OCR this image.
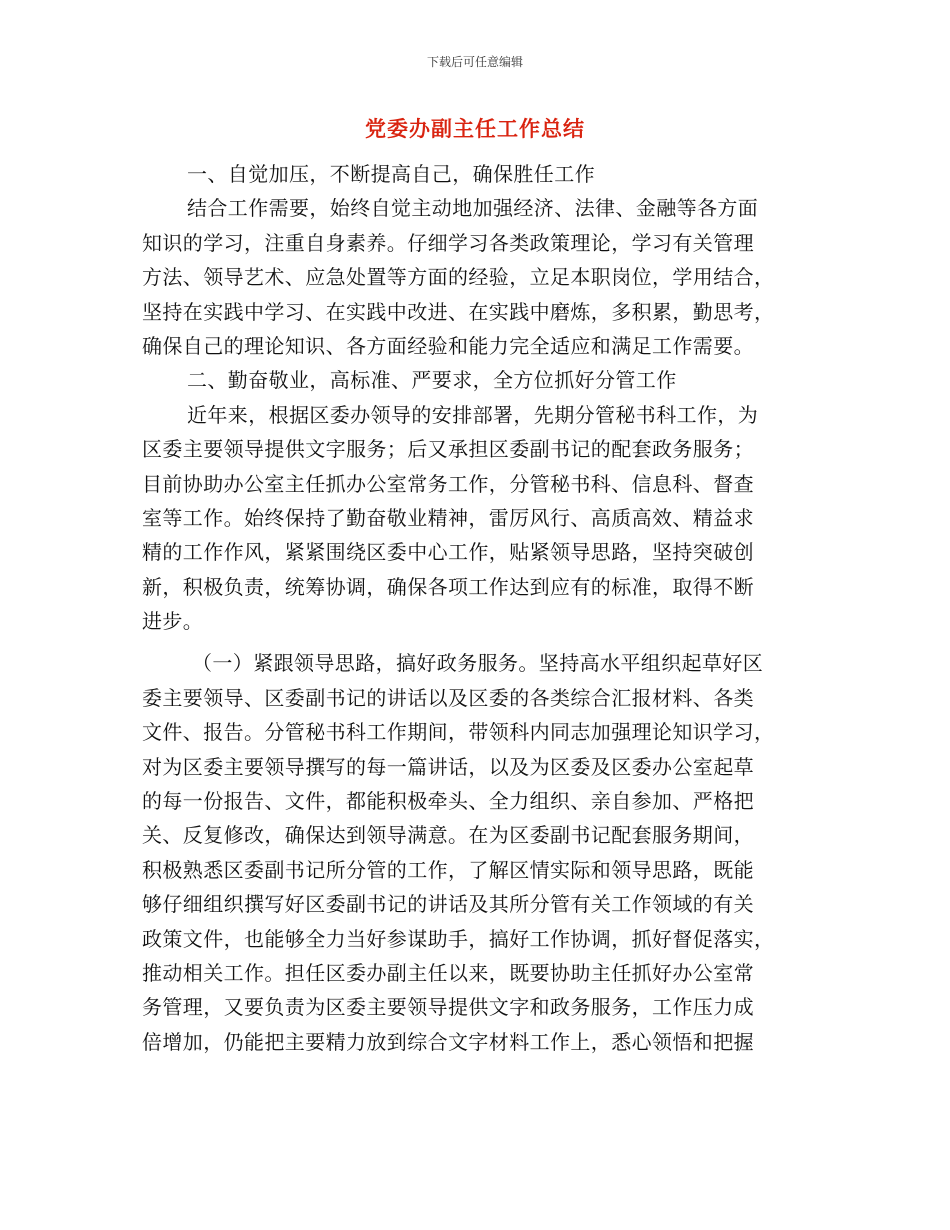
下载后可任意编辑
党委办副主任工作总结
一、自觉加压，不断提高自己，确保胜任工作
结合工作需要，始终自觉主动地加强经济、法律、金融等各方面
知识的学习，注重自身素养。仔细学习各类政策理论，学习有关管理
方法、领导艺术、应急处置等方面的经验，立足本职岗位，学用结合，
坚持在实践中学习、在实践中改进、在实践中磨炼，多积累，勤思考，
确保自己的理论知识、各方面经验和能力完全适应和满足工作需要。
二、勤奋敬业，高标准、严要求，全方位抓好分管工作
近年来，根据区委办领导的安排部署，先期分管秘书科工作，为
区委主要领导提供文字服务；后又承担区委副书记的配套政务服务；
目前协助办公室主任抓办公室常务工作，分管秘书科、信息科、督查
室等工作。始终保持了勤奋敬业精神，雷厉风行、高质高效、精益求
精的工作作风，紧紧围绕区委中心工作，贴紧领导思路，坚持突破创
新，积极负责，统筹协调，确保各项工作达到应有的标准，取得不断
进步。
（一）紧跟领导思路，搞好政务服务。坚持高水平组织起草好区
委主要领导、区委副书记的讲话以及区委的各类综合汇报材料、各类
文件、报告。分管秘书科工作期间，带领科内同志加强理论知识学习，
对为区委主要领导撰写的每一篇讲话，以及为区委及区委办公室起草
的每一份报告、文件，都能积极牵头、全力组织、亲自参加、严格把
关、反复修改，确保达到领导满意。在为区委副书记配套服务期间，
积极熟悉区委副书记所分管的工作，了解区情实际和领导思路，既能
够仔细组织撰写好区委副书记的讲话及其所分管有关工作领域的有关
政策文件，也能够全力当好参谋助手，搞好工作协调，抓好督促落实，
推动相关工作。担任区委办副主任以来，既要协助主任抓好办公室常
务管理，又要负责为区委主要领导提供文字和政务服务，工作压力成
倍增加，仍能把主要精力放到综合文字材料工作上，悉心领悟和把握
